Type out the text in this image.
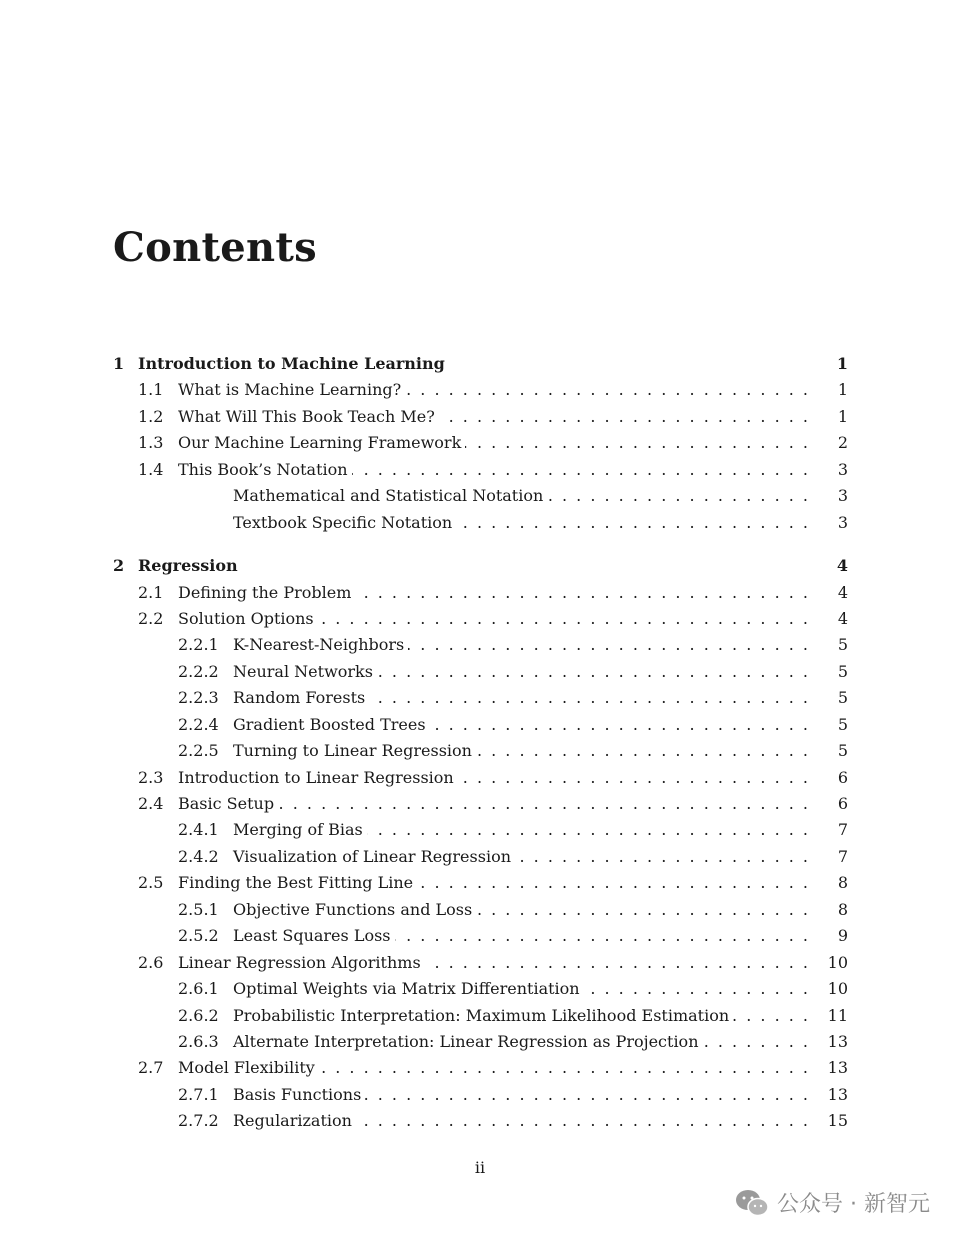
Contents
1 Introduction to Machine Learning	1
1.1 What is Machine Learning? . . .	1
1.2 What Will This Book Teach Me? . . .	1
1.3 Our Machine Learning Framework . . .	2
1.4 This Book’s Notation . . .	3
Mathematical and Statistical Notation . . .	3
Textbook Specific Notation . . .	3
2 Regression	4
2.1 Defining the Problem . . .	4
2.2 Solution Options . . .	4
2.2.1 K-Nearest-Neighbors . . .	5
2.2.2 Neural Networks . . .	5
2.2.3 Random Forests . . .	5
2.2.4 Gradient Boosted Trees . . .	5
2.2.5 Turning to Linear Regression . . .	5
2.3 Introduction to Linear Regression . . .	6
2.4 Basic Setup . . .	6
2.4.1 Merging of Bias . . .	7
2.4.2 Visualization of Linear Regression . . .	7
2.5 Finding the Best Fitting Line . . .	8
2.5.1 Objective Functions and Loss . . .	8
2.5.2 Least Squares Loss . . .	9
2.6 Linear Regression Algorithms . . .	10
2.6.1 Optimal Weights via Matrix Differentiation . . .	10
2.6.2 Probabilistic Interpretation: Maximum Likelihood Estimation . . .	11
2.6.3 Alternate Interpretation: Linear Regression as Projection . . .	13
2.7 Model Flexibility . . .	13
2.7.1 Basis Functions . . .	13
2.7.2 Regularization . . .	15
ii
公众号 · 新智元
